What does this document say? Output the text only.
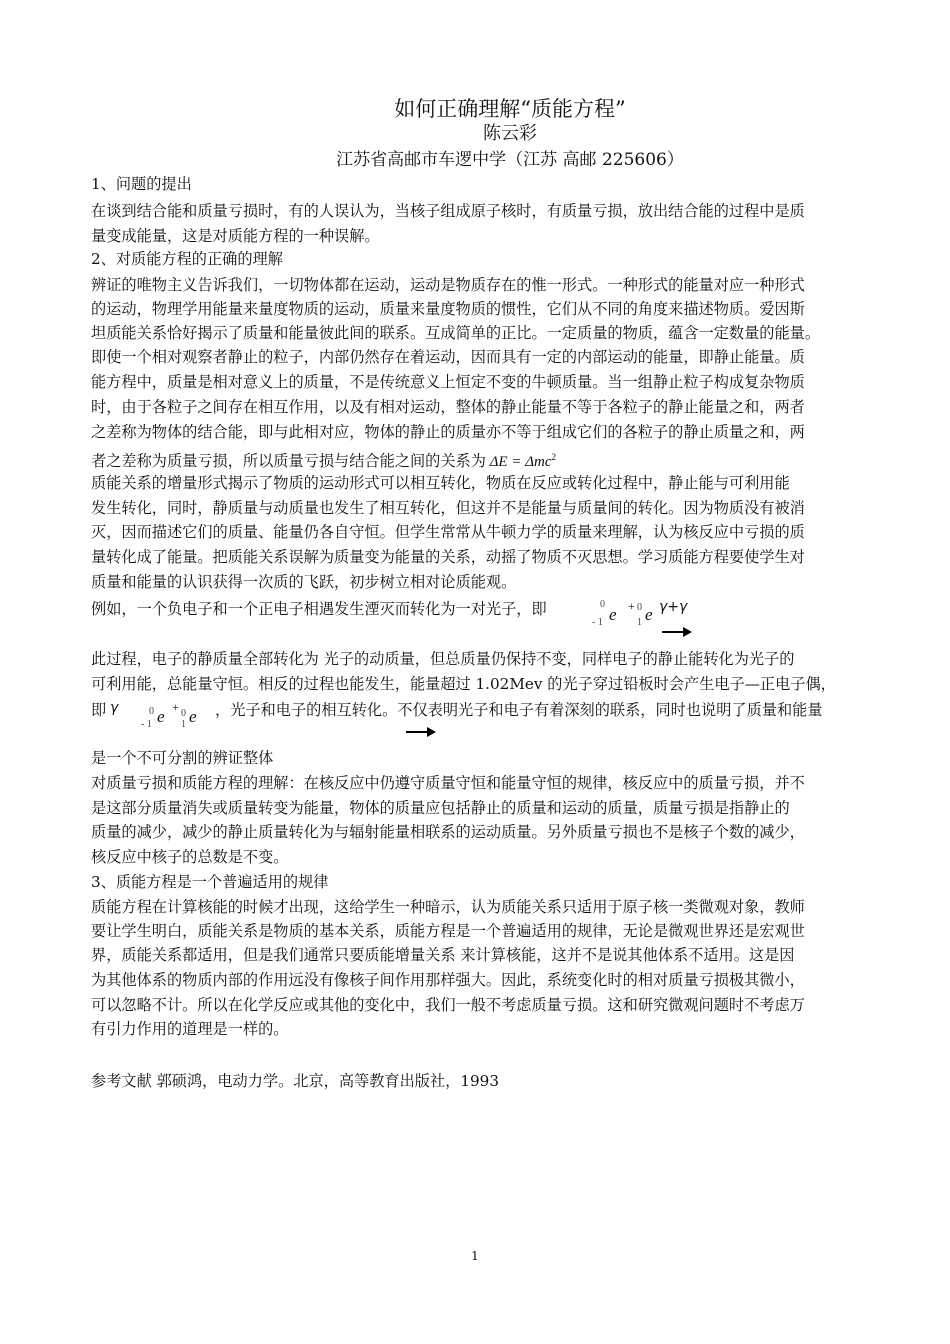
如何正确理解“质能方程”
陈云彩
江苏省高邮市车逻中学（江苏 高邮 225606）
1、问题的提出
在谈到结合能和质量亏损时，有的人误认为，当核子组成原子核时，有质量亏损，放出结合能的过程中是质
量变成能量，这是对质能方程的一种误解。
2、对质能方程的正确的理解
辨证的唯物主义告诉我们，一切物体都在运动，运动是物质存在的惟一形式。一种形式的能量对应一种形式
的运动，物理学用能量来量度物质的运动，质量来量度物质的惯性，它们从不同的角度来描述物质。爱因斯
坦质能关系恰好揭示了质量和能量彼此间的联系。互成简单的正比。一定质量的物质，蕴含一定数量的能量。
即使一个相对观察者静止的粒子，内部仍然存在着运动，因而具有一定的内部运动的能量，即静止能量。质
能方程中，质量是相对意义上的质量，不是传统意义上恒定不变的牛顿质量。当一组静止粒子构成复杂物质
时，由于各粒子之间存在相互作用，以及有相对运动，整体的静止能量不等于各粒子的静止能量之和，两者
之差称为物体的结合能，即与此相对应，物体的静止的质量亦不等于组成它们的各粒子的静止质量之和，两
者之差称为质量亏损，所以质量亏损与结合能之间的关系为 ΔE = Δmc$^2$
质能关系的增量形式揭示了物质的运动形式可以相互转化，物质在反应或转化过程中，静止能与可利用能
发生转化，同时，静质量与动质量也发生了相互转化，但这并不是能量与质量间的转化。因为物质没有被消
灭，因而描述它们的质量、能量仍各自守恒。但学生常常从牛顿力学的质量来理解，认为核反应中亏损的质
量转化成了能量。把质能关系误解为质量变为能量的关系，动摇了物质不灭思想。学习质能方程要使学生对
质量和能量的认识获得一次质的飞跃，初步树立相对论质能观。
例如，一个负电子和一个正电子相遇发生湮灭而转化为一对光子，即	0
- 1 e + 0
1 e γ+γ
此过程，电子的静质量全部转化为 光子的动质量，但总质量仍保持不变，同样电子的静止能转化为光子的
可利用能，总能量守恒。相反的过程也能发生，能量超过 1.02Mev 的光子穿过铅板时会产生电子—正电子偶，
即 γ	0
- 1 e + 0
1 e ，光子和电子的相互转化。不仅表明光子和电子有着深刻的联系，同时也说明了质量和能量
是一个不可分割的辨证整体
对质量亏损和质能方程的理解：在核反应中仍遵守质量守恒和能量守恒的规律，核反应中的质量亏损，并不
是这部分质量消失或质量转变为能量，物体的质量应包括静止的质量和运动的质量，质量亏损是指静止的
质量的减少，减少的静止质量转化为与辐射能量相联系的运动质量。另外质量亏损也不是核子个数的减少，
核反应中核子的总数是不变。
3、质能方程是一个普遍适用的规律
质能方程在计算核能的时候才出现，这给学生一种暗示，认为质能关系只适用于原子核一类微观对象，教师
要让学生明白，质能关系是物质的基本关系，质能方程是一个普遍适用的规律，无论是微观世界还是宏观世
界，质能关系都适用，但是我们通常只要质能增量关系 来计算核能，这并不是说其他体系不适用。这是因
为其他体系的物质内部的作用远没有像核子间作用那样强大。因此，系统变化时的相对质量亏损极其微小，
可以忽略不计。所以在化学反应或其他的变化中，我们一般不考虑质量亏损。这和研究微观问题时不考虑万
有引力作用的道理是一样的。
参考文献 郭硕鸿，电动力学。北京，高等教育出版社，1993
1
